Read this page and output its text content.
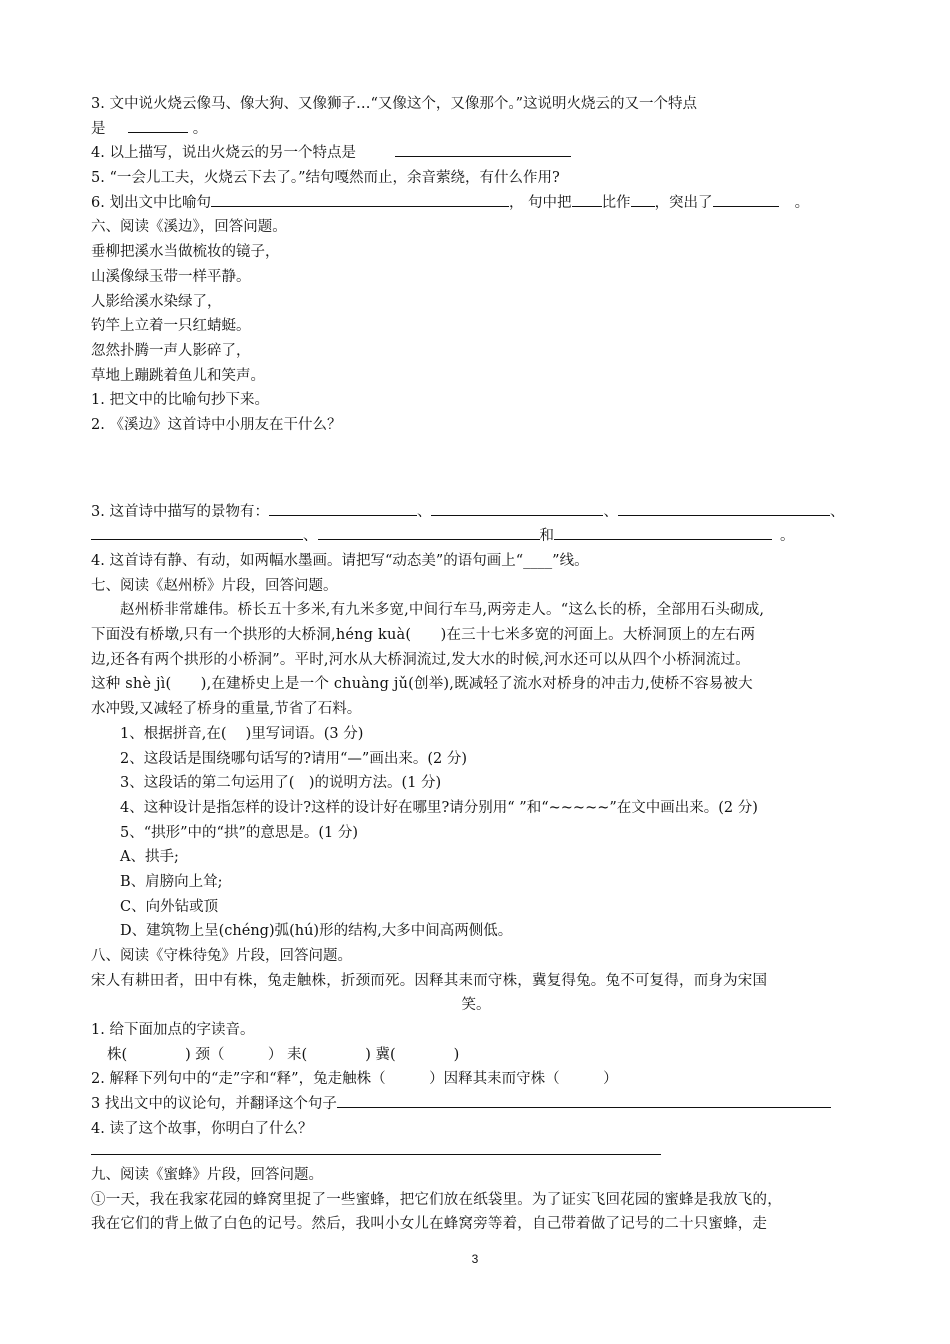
3. 文中说火烧云像马、像大狗、又像狮子…“又像这个，又像那个。”这说明火烧云的又一个特点
是	。
4. 以上描写，说出火烧云的另一个特点是
5. “一会儿工夫，火烧云下去了。”结句嘎然而止，余音萦绕，有什么作用?
6. 划出文中比喻句	， 句中把 比作 ，突出了	。
六、阅读《溪边》，回答问题。
垂柳把溪水当做梳妆的镜子，
山溪像绿玉带一样平静。
人影给溪水染绿了，
钓竿上立着一只红蜻蜓。
忽然扑腾一声人影碎了，
草地上蹦跳着鱼儿和笑声。
1. 把文中的比喻句抄下来。
2. 《溪边》这首诗中小朋友在干什么？
3. 这首诗中描写的景物有：	、	、	、
、	和	。
4. 这首诗有静、有动，如两幅水墨画。请把写“动态美”的语句画上“____”线。
七、阅读《赵州桥》片段，回答问题。
赵州桥非常雄伟。桥长五十多米,有九米多宽,中间行车马,两旁走人。“这么长的桥，全部用石头砌成,
下面没有桥墩,只有一个拱形的大桥洞,héng kuà(　　)在三十七米多宽的河面上。大桥洞顶上的左右两
边,还各有两个拱形的小桥洞”。平时,河水从大桥洞流过,发大水的时候,河水还可以从四个小桥洞流过。
这种 shè jì(　　),在建桥史上是一个 chuàng jǔ(创举),既减轻了流水对桥身的冲击力,使桥不容易被大
水冲毁,又减轻了桥身的重量,节省了石料。
1、根据拼音,在(　 )里写词语。(3 分)
2、这段话是围绕哪句话写的?请用“—”画出来。(2 分)
3、这段话的第二句运用了(　)的说明方法。(1 分)
4、这种设计是指怎样的设计?这样的设计好在哪里?请分别用“ ”和“~~~~~”在文中画出来。(2 分)
5、“拱形”中的“拱”的意思是。(1 分)
A、拱手;
B、肩膀向上耸;
C、向外钻或顶
D、建筑物上呈(chéng)弧(hú)形的结构,大多中间高两侧低。
八、阅读《守株待兔》片段，回答问题。
宋人有耕田者，田中有株，兔走触株，折颈而死。因释其耒而守株，冀复得兔。兔不可复得，而身为宋国
笑。
1. 给下面加点的字读音。
株(　　　　) 颈（　　　） 耒(　　　　) 冀(　　　　)
2. 解释下列句中的“走”字和“释”，兔走触株（　　　）因释其耒而守株（　　　）
3 找出文中的议论句，并翻译这个句子
4. 读了这个故事，你明白了什么？
九、阅读《蜜蜂》片段，回答问题。
①一天，我在我家花园的蜂窝里捉了一些蜜蜂，把它们放在纸袋里。为了证实飞回花园的蜜蜂是我放飞的，
我在它们的背上做了白色的记号。然后，我叫小女儿在蜂窝旁等着，自己带着做了记号的二十只蜜蜂，走
3
